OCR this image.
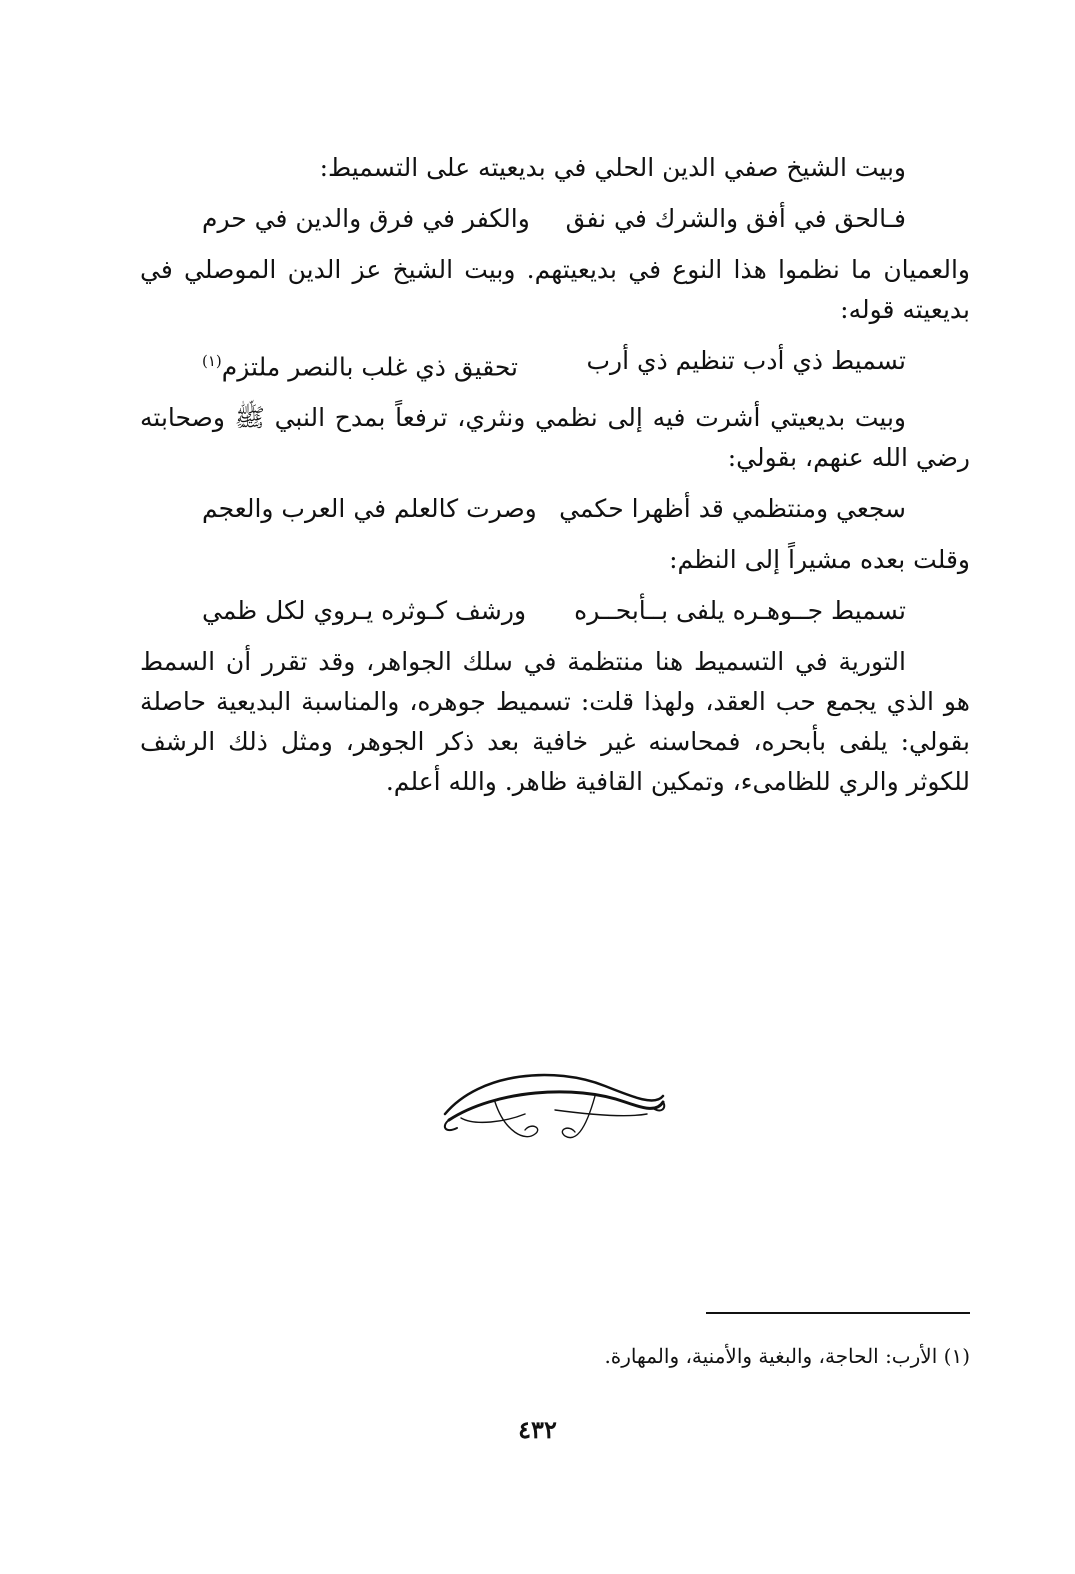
وبيت الشيخ صفي الدين الحلي في بديعيته على التسميط:

فـالحق في أفق والشرك في نفق
والكفر في فرق والدين في حرم

والعميان ما نظموا هذا النوع في بديعيتهم. وبيت الشيخ عز الدين الموصلي في بديعيته قوله:

تسميط ذي أدب تنظيم ذي أرب
تحقيق ذي غلب بالنصر ملتزم$^{(١)}$

وبيت بديعيتي أشرت فيه إلى نظمي ونثري، ترفعاً بمدح النبي ﷺ وصحابته رضي الله عنهم، بقولي:

سجعي ومنتظمي قد أظهرا حكمي
وصرت كالعلم في العرب والعجم

وقلت بعده مشيراً إلى النظم:

تسميط جــوهـره يلفى بــأبحــره
ورشف كـوثره يـروي لكل ظمي

التورية في التسميط هنا منتظمة في سلك الجواهر، وقد تقرر أن السمط هو الذي يجمع حب العقد، ولهذا قلت: تسميط جوهره، والمناسبة البديعية حاصلة بقولي: يلفى بأبحره، فمحاسنه غير خافية بعد ذكر الجوهر، ومثل ذلك الرشف للكوثر والري للظامىء، وتمكين القافية ظاهر. والله أعلم.

(١) الأرب: الحاجة، والبغية والأمنية، والمهارة.
٤٣٢
